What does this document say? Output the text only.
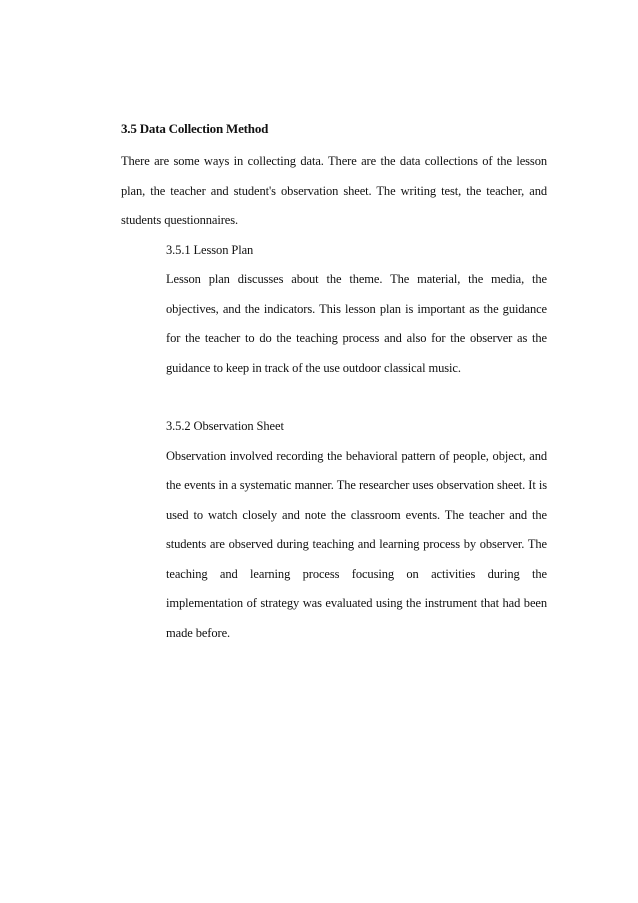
3.5 Data Collection Method

There are some ways in collecting data. There are the data collections of the lesson plan, the teacher and student's observation sheet. The writing test, the teacher, and students questionnaires.

3.5.1 Lesson Plan

Lesson plan discusses about the theme. The material, the media, the objectives, and the indicators. This lesson plan is important as the guidance for the teacher to do the teaching process and also for the observer as the guidance to keep in track of the use outdoor classical music.

3.5.2 Observation Sheet

Observation involved recording the behavioral pattern of people, object, and the events in a systematic manner. The researcher uses observation sheet. It is used to watch closely and note the classroom events. The teacher and the students are observed during teaching and learning process by observer. The teaching and learning process focusing on activities during the implementation of strategy was evaluated using the instrument that had been made before.
